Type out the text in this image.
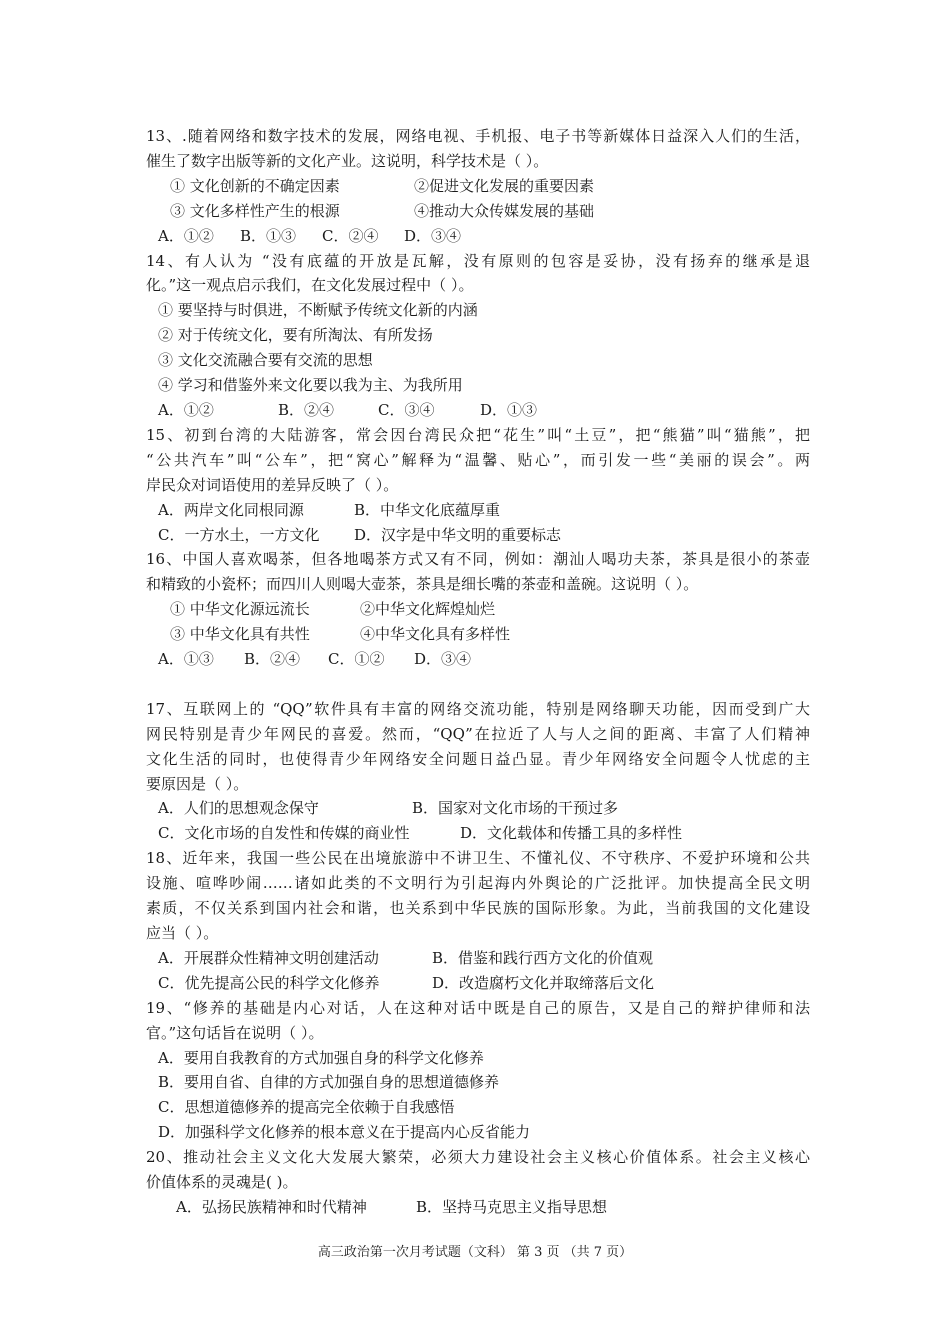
13、.随着网络和数字技术的发展，网络电视、手机报、电子书等新媒体日益深入人们的生活，

催生了数字出版等新的文化产业。这说明，科学技术是（ ）。

① 文化创新的不确定因素	②促进文化发展的重要因素

③ 文化多样性产生的根源	④推动大众传媒发展的基础

A．①② B．①③ C．②④ D．③④

14、有人认为 “没有底蕴的开放是瓦解，没有原则的包容是妥协，没有扬弃的继承是退

化。”这一观点启示我们，在文化发展过程中（ ）。

① 要坚持与时俱进，不断赋予传统文化新的内涵

② 对于传统文化，要有所淘汰、有所发扬

③ 文化交流融合要有交流的思想

④ 学习和借鉴外来文化要以我为主、为我所用

A．①②	B．②④	C．③④	D．①③

15、初到台湾的大陆游客，常会因台湾民众把“花生”叫“土豆”，把“熊猫”叫“猫熊”，把

“公共汽车”叫“公车”，把“窝心”解释为“温馨、贴心”，而引发一些“美丽的误会”。两

岸民众对词语使用的差异反映了（ ）。

A．两岸文化同根同源	B．中华文化底蕴厚重

C．一方水土，一方文化 D．汉字是中华文明的重要标志

16、中国人喜欢喝茶，但各地喝茶方式又有不同，例如：潮汕人喝功夫茶，茶具是很小的茶壶

和精致的小瓷杯；而四川人则喝大壶茶，茶具是细长嘴的茶壶和盖碗。这说明（ ）。

① 中华文化源远流长	②中华文化辉煌灿烂

③ 中华文化具有共性	④中华文化具有多样性

A．①③ B．②④ C．①② D．③④

17、互联网上的 “QQ”软件具有丰富的网络交流功能，特别是网络聊天功能，因而受到广大

网民特别是青少年网民的喜爱。然而，“QQ”在拉近了人与人之间的距离、丰富了人们精神

文化生活的同时，也使得青少年网络安全问题日益凸显。青少年网络安全问题令人忧虑的主

要原因是（ ）。

A．人们的思想观念保守	B．国家对文化市场的干预过多

C．文化市场的自发性和传媒的商业性	D．文化载体和传播工具的多样性

18、近年来，我国一些公民在出境旅游中不讲卫生、不懂礼仪、不守秩序、不爱护环境和公共

设施、喧哗吵闹……诸如此类的不文明行为引起海内外舆论的广泛批评。加快提高全民文明

素质，不仅关系到国内社会和谐，也关系到中华民族的国际形象。为此，当前我国的文化建设

应当（ ）。

A．开展群众性精神文明创建活动	B．借鉴和践行西方文化的价值观

C．优先提高公民的科学文化修养	D．改造腐朽文化并取缔落后文化

19、“修养的基础是内心对话，人在这种对话中既是自己的原告，又是自己的辩护律师和法

官。”这句话旨在说明（ ）。

A．要用自我教育的方式加强自身的科学文化修养

B．要用自省、自律的方式加强自身的思想道德修养

C．思想道德修养的提高完全依赖于自我感悟

D．加强科学文化修养的根本意义在于提高内心反省能力

20、推动社会主义文化大发展大繁荣，必须大力建设社会主义核心价值体系。社会主义核心

价值体系的灵魂是( )。

A．弘扬民族精神和时代精神	B．坚持马克思主义指导思想

高三政治第一次月考试题（文科） 第 3 页 （共 7 页）
